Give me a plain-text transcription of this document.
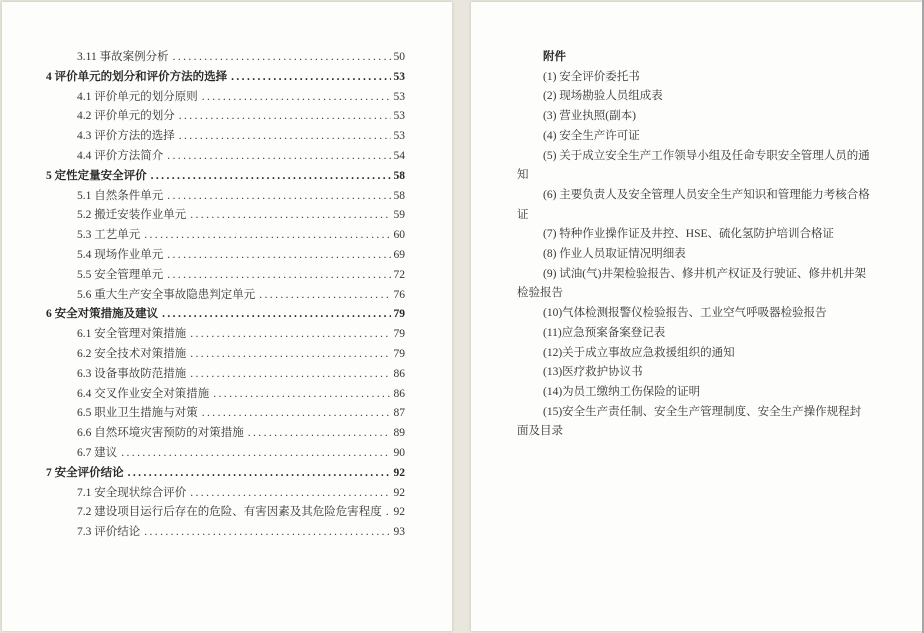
3.11 事故案例分析 .....	50
4 评价单元的划分和评价方法的选择 .....	53
4.1 评价单元的划分原则 .....	53
4.2 评价单元的划分 .....	53
4.3 评价方法的选择 .....	53
4.4 评价方法简介 .....	54
5 定性定量安全评价 .....	58
5.1 自然条件单元 .....	58
5.2 搬迁安装作业单元 .....	59
5.3 工艺单元 .....	60
5.4 现场作业单元 .....	69
5.5 安全管理单元 .....	72
5.6 重大生产安全事故隐患判定单元 .....	76
6 安全对策措施及建议 .....	79
6.1 安全管理对策措施 .....	79
6.2 安全技术对策措施 .....	79
6.3 设备事故防范措施 .....	86
6.4 交叉作业安全对策措施 .....	86
6.5 职业卫生措施与对策 .....	87
6.6 自然环境灾害预防的对策措施 .....	89
6.7 建议 .....	90
7 安全评价结论 .....	92
7.1 安全现状综合评价 .....	92
7.2 建设项目运行后存在的危险、有害因素及其危险危害程度 ..... 92
7.3 评价结论 .....	93

附件

(1) 安全评价委托书

(2) 现场勘验人员组成表

(3) 营业执照(副本)

(4) 安全生产许可证

(5) 关于成立安全生产工作领导小组及任命专职安全管理人员的通知

(6) 主要负责人及安全管理人员安全生产知识和管理能力考核合格证

(7) 特种作业操作证及井控、HSE、硫化氢防护培训合格证

(8) 作业人员取证情况明细表

(9) 试油(气)井架检验报告、修井机产权证及行驶证、修井机井架检验报告

(10)气体检测报警仪检验报告、工业空气呼吸器检验报告

(11)应急预案备案登记表

(12)关于成立事故应急救援组织的通知

(13)医疗救护协议书

(14)为员工缴纳工伤保险的证明

(15)安全生产责任制、安全生产管理制度、安全生产操作规程封面及目录
